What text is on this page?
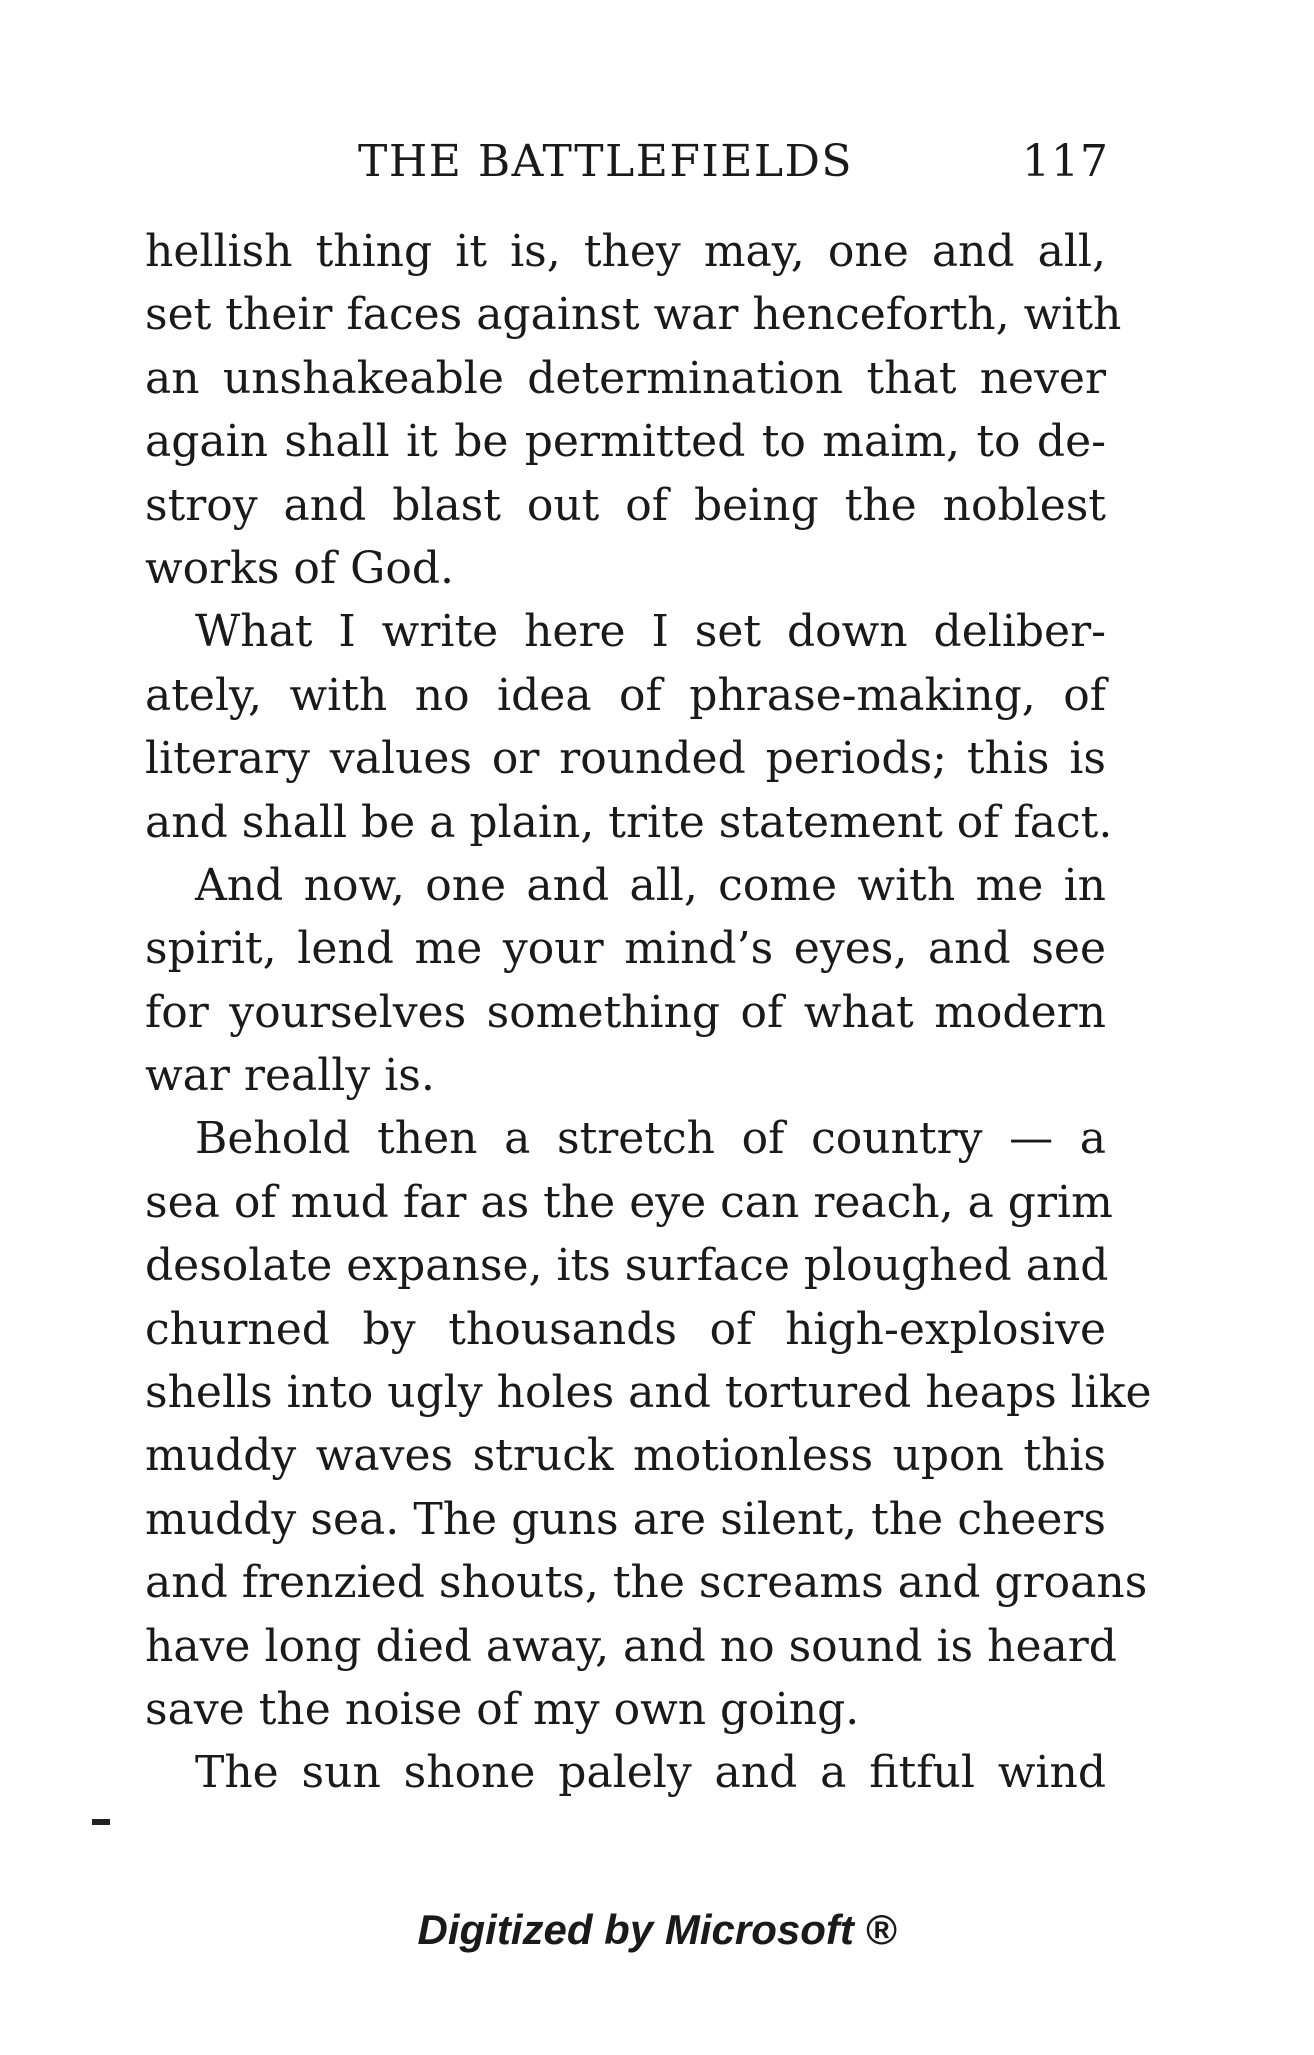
THE BATTLEFIELDS	117
hellish thing it is, they may, one and all,
set their faces against war henceforth, with
an unshakeable determination that never
again shall it be permitted to maim, to de-
stroy and blast out of being the noblest
works of God.
What I write here I set down deliber-
ately, with no idea of phrase-making, of
literary values or rounded periods; this is
and shall be a plain, trite statement of fact.
And now, one and all, come with me in
spirit, lend me your mind’s eyes, and see
for yourselves something of what modern
war really is.
Behold then a stretch of country — a
sea of mud far as the eye can reach, a grim
desolate expanse, its surface ploughed and
churned by thousands of high-explosive
shells into ugly holes and tortured heaps like
muddy waves struck motionless upon this
muddy sea. The guns are silent, the cheers
and frenzied shouts, the screams and groans
have long died away, and no sound is heard
save the noise of my own going.
The sun shone palely and a fitful wind
Digitized by Microsoft ®
